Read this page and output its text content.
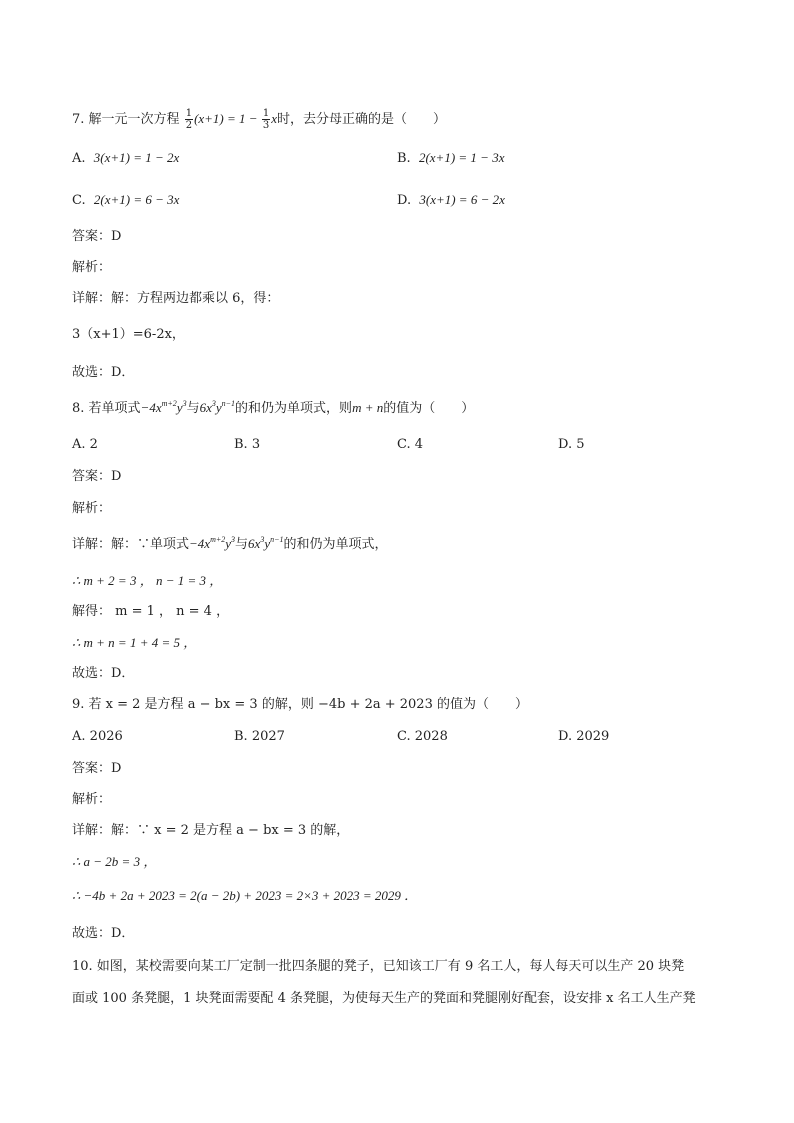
7. 解一元一次方程 $\frac{1}{2} (x+1) = 1 - \frac{1}{3}$ x时，去分母正确的是（　　）
A. 3(x+1) = 1 − 2x	B. 2(x+1) = 1 − 3x
C. 2(x+1) = 6 − 3x	D. 3(x+1) = 6 − 2x
答案：D
解析：
详解：解：方程两边都乘以 6，得：
3（x+1）=6-2x，
故选：D．
8. 若单项式$-4x^{m+2}y^3$与$6x^3y^{n-1}$的和仍为单项式，则m + n的值为（　　）
A. 2	B. 3	C. 4	D. 5
答案：D
解析：
详解：解：∵单项式$-4x^{m+2}y^3$与$6x^3y^{n-1}$的和仍为单项式，
∴ m + 2 = 3 ， n − 1 = 3 ，
解得： m = 1 ， n = 4 ，
∴ m + n = 1 + 4 = 5 ，
故选：D．
9. 若 x = 2 是方程 a − bx = 3 的解，则 −4b + 2a + 2023 的值为（　　）
A. 2026	B. 2027	C. 2028	D. 2029
答案：D
解析：
详解：解：∵ x = 2 是方程 a − bx = 3 的解，
∴ a − 2b = 3 ，
∴ −4b + 2a + 2023 = 2(a − 2b) + 2023 = 2×3 + 2023 = 2029 ．
故选：D．
10. 如图，某校需要向某工厂定制一批四条腿的凳子，已知该工厂有 9 名工人，每人每天可以生产 20 块凳
面或 100 条凳腿，1 块凳面需要配 4 条凳腿，为使每天生产的凳面和凳腿刚好配套，设安排 x 名工人生产凳
